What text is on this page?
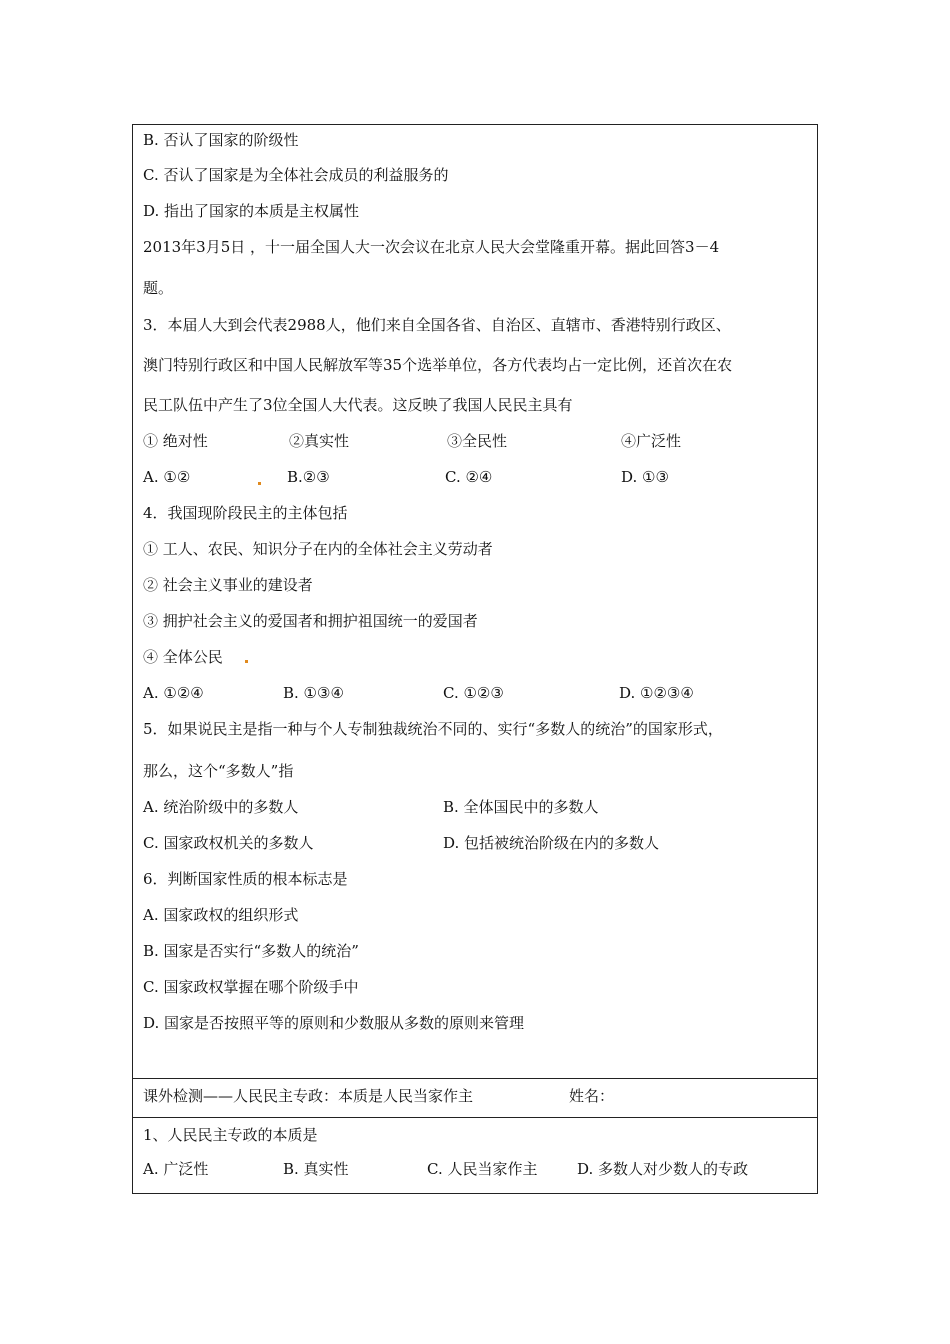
B. 否认了国家的阶级性
C. 否认了国家是为全体社会成员的利益服务的
D. 指出了国家的本质是主权属性
2013年3月5日 ，十一届全国人大一次会议在北京人民大会堂隆重开幕。据此回答3－4
题。
3．本届人大到会代表2988人，他们来自全国各省、自治区、直辖市、香港特别行政区、
澳门特别行政区和中国人民解放军等35个选举单位，各方代表均占一定比例，还首次在农
民工队伍中产生了3位全国人大代表。这反映了我国人民民主具有
① 绝对性	②真实性	③全民性	④广泛性
A. ①②	B.②③	C. ②④	D. ①③
4．我国现阶段民主的主体包括
① 工人、农民、知识分子在内的全体社会主义劳动者
② 社会主义事业的建设者
③ 拥护社会主义的爱国者和拥护祖国统一的爱国者
④ 全体公民
A. ①②④	B. ①③④	C. ①②③	D. ①②③④
5．如果说民主是指一种与个人专制独裁统治不同的、实行“多数人的统治”的国家形式，
那么，这个“多数人”指
A. 统治阶级中的多数人	B. 全体国民中的多数人
C. 国家政权机关的多数人	D. 包括被统治阶级在内的多数人
6．判断国家性质的根本标志是
A. 国家政权的组织形式
B. 国家是否实行“多数人的统治”
C. 国家政权掌握在哪个阶级手中
D. 国家是否按照平等的原则和少数服从多数的原则来管理
课外检测——人民民主专政：本质是人民当家作主	姓名：
1、人民民主专政的本质是
A. 广泛性	B. 真实性	C. 人民当家作主	D. 多数人对少数人的专政
